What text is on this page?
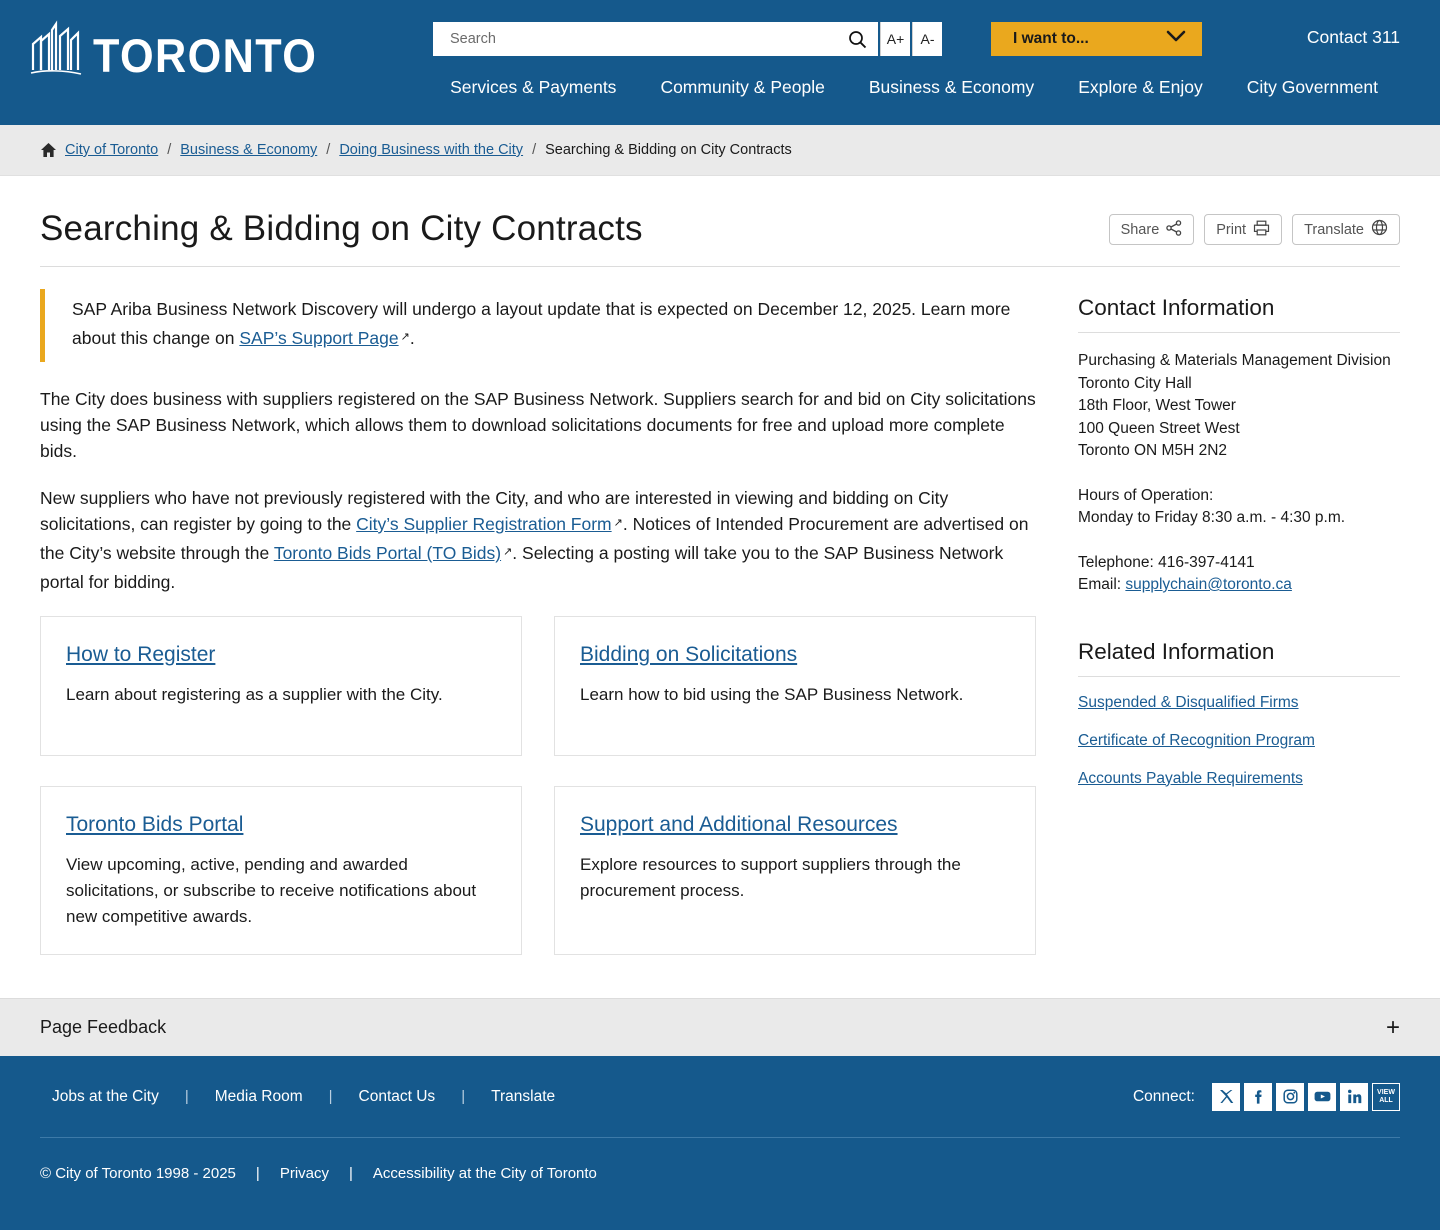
TORONTO
Search	A+	A-	I want to...	Contact 311
Services & Payments	Community & People	Business & Economy	Explore & Enjoy	City Government
City of Toronto / Business & Economy / Doing Business with the City / Searching & Bidding on City Contracts
Searching & Bidding on City Contracts	Share	Print	Translate

SAP Ariba Business Network Discovery will undergo a layout update that is expected on December 12, 2025. Learn more about this change on SAP’s Support Page ↗︎.

The City does business with suppliers registered on the SAP Business Network. Suppliers search for and bid on City solicitations using the SAP Business Network, which allows them to download solicitations documents for free and upload more complete bids.

New suppliers who have not previously registered with the City, and who are interested in viewing and bidding on City solicitations, can register by going to the City’s Supplier Registration Form ↗︎. Notices of Intended Procurement are advertised on the City’s website through the Toronto Bids Portal (TO Bids) ↗︎. Selecting a posting will take you to the SAP Business Network portal for bidding.

How to Register

Learn about registering as a supplier with the City.

Bidding on Solicitations

Learn how to bid using the SAP Business Network.

Toronto Bids Portal

View upcoming, active, pending and awarded solicitations, or subscribe to receive notifications about new competitive awards.

Support and Additional Resources

Explore resources to support suppliers through the procurement process.

Contact Information
Purchasing & Materials Management Division
Toronto City Hall
18th Floor, West Tower
100 Queen Street West
Toronto ON M5H 2N2
Hours of Operation:
Monday to Friday 8:30 a.m. - 4:30 p.m.
Telephone: 416-397-4141
Email: supplychain@toronto.ca
Related Information
Suspended & Disqualified Firms
Certificate of Recognition Program
Accounts Payable Requirements
Page Feedback	+
Jobs at the City	|	Media Room	|	Contact Us	|	Translate	Connect:	VIEW
ALL
© City of Toronto 1998 - 2025	|	Privacy	|	Accessibility at the City of Toronto
